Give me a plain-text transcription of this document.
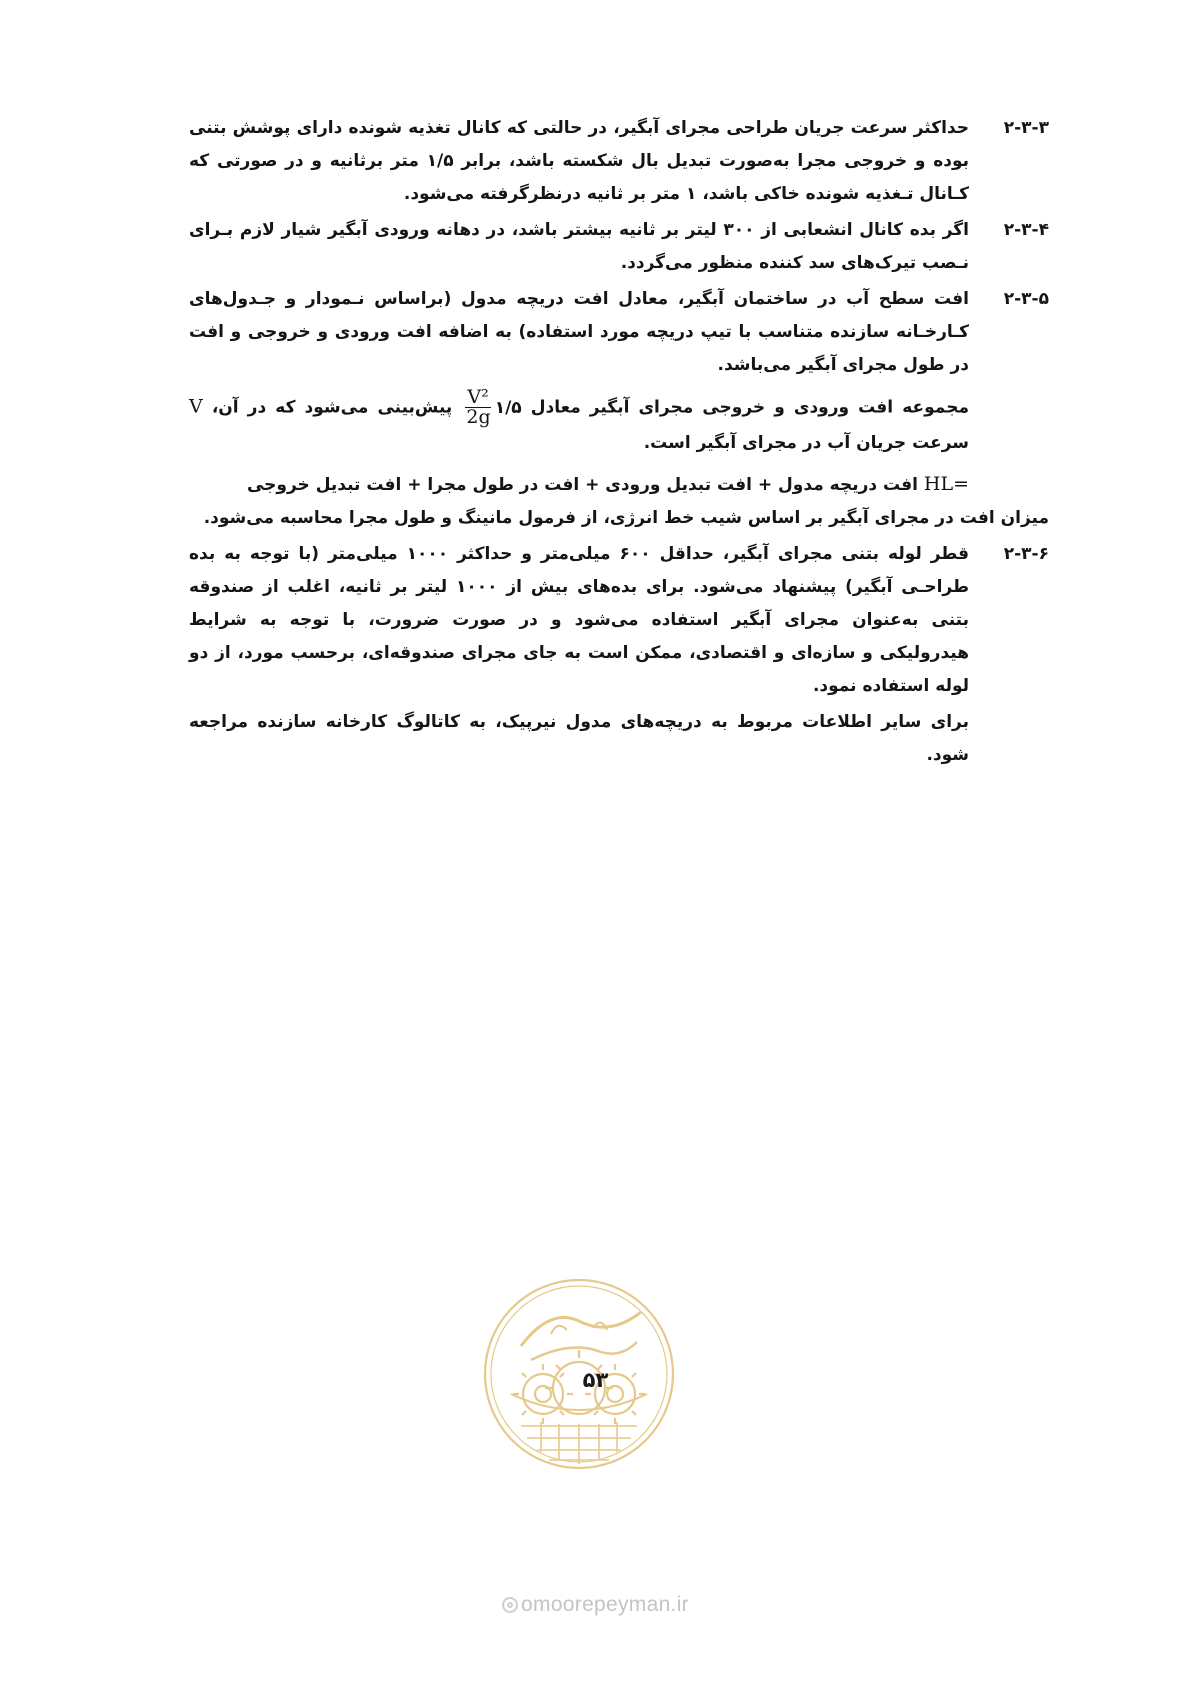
۲-۳-۳
حداکثر سرعت جریان طراحی مجرای آبگیر، در حالتی که کانال تغذیه شونده دارای پوشش بتنی بوده و خروجی مجرا به‌صورت تبدیل بال شکسته باشد، برابر ۱/۵ متر برثانیه و در صورتی که کـانال تـغذیه شونده خاکی باشد، ۱ متر بر ثانیه درنظرگرفته می‌شود.
۲-۳-۴
اگر بده کانال انشعابی از ۳۰۰ لیتر بر ثانیه بیشتر باشد، در دهانه ورودی آبگیر شیار لازم بـرای نـصب تیرک‌های سد کننده منظور می‌گردد.
۲-۳-۵
افت سطح آب در ساختمان آبگیر، معادل افت دریچه مدول (براساس نـمودار و جـدول‌های کـارخـانه سازنده متناسب با تیپ دریچه مورد استفاده) به اضافه افت ورودی و خروجی و افت در طول مجرای آبگیر می‌باشد.
مجموعه افت ورودی و خروجی مجرای آبگیر معادل ۱/۵
$\frac{\text{V²}}{2g}$
پیش‌بینی می‌شود که در آن، V سرعت جریان آب در مجرای آبگیر است.
HL= افت دریچه مدول + افت تبدیل ورودی + افت در طول مجرا + افت تبدیل خروجی
میزان افت در مجرای آبگیر بر اساس شیب خط انرژی، از فرمول مانینگ و طول مجرا محاسبه می‌شود.
۲-۳-۶
قطر لوله بتنی مجرای آبگیر، حداقل ۶۰۰ میلی‌متر و حداکثر ۱۰۰۰ میلی‌متر (با توجه به بده طراحـی آبگیر) پیشنهاد می‌شود. برای بده‌های بیش از ۱۰۰۰ لیتر بر ثانیه، اغلب از صندوقه بتنی به‌عنوان مجرای آبگیر استفاده می‌شود و در صورت ضرورت، با توجه به شرایط هیدرولیکی و سازه‌ای و اقتصادی، ممکن است به جای مجرای صندوقه‌ای، برحسب مورد، از دو لوله استفاده نمود.
برای سایر اطلاعات مربوط به دریچه‌های مدول نیرپیک، به کاتالوگ کارخانه سازنده مراجعه شود.
۵۳
omoorepeyman.ir
